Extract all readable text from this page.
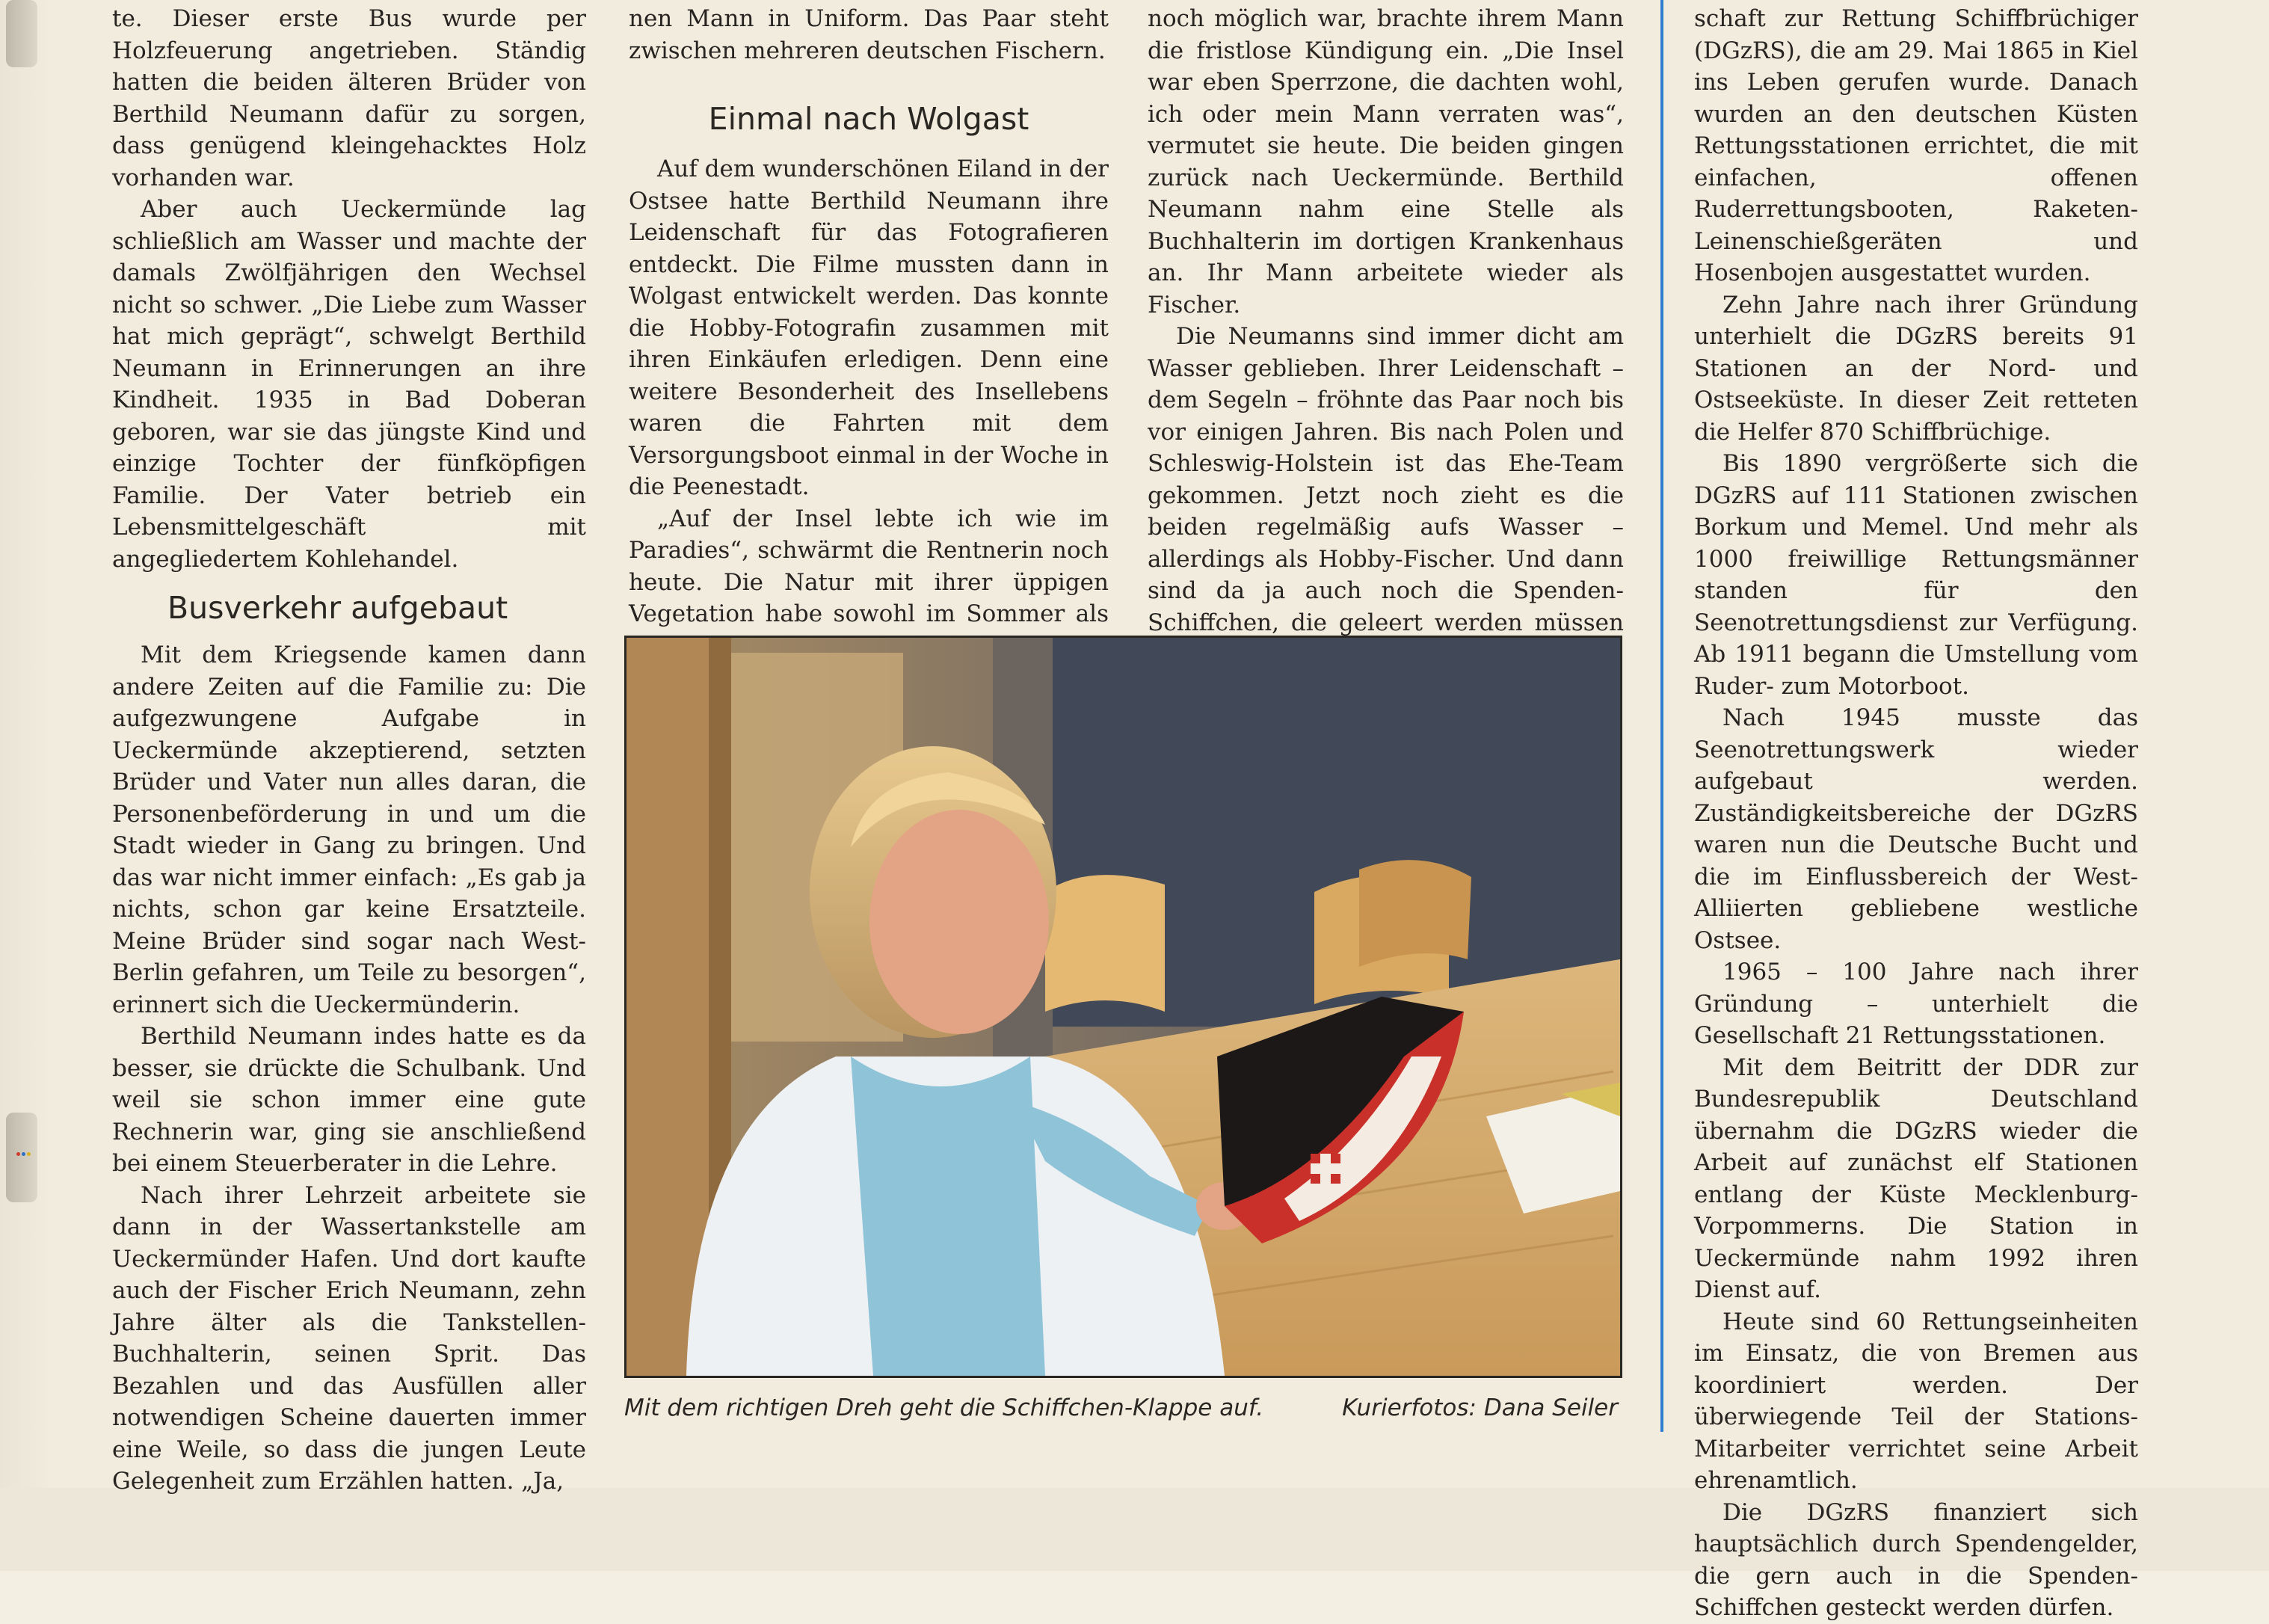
te. Dieser erste Bus wurde per Holzfeuerung angetrieben. Ständig hatten die beiden älteren Brüder von Berthild Neumann dafür zu sorgen, dass genügend kleingehacktes Holz vorhanden war.

Aber auch Ueckermünde lag schließlich am Wasser und machte der damals Zwölfjährigen den Wechsel nicht so schwer. „Die Liebe zum Wasser hat mich geprägt“, schwelgt Berthild Neumann in Erinnerungen an ihre Kindheit. 1935 in Bad Doberan geboren, war sie das jüngste Kind und einzige Tochter der fünfköpfigen Familie. Der Vater betrieb ein Lebensmittelgeschäft mit angegliedertem Kohlehandel.

Busverkehr aufgebaut

Mit dem Kriegsende kamen dann andere Zeiten auf die Familie zu: Die aufgezwungene Aufgabe in Ueckermünde akzeptierend, setzten Brüder und Vater nun alles daran, die Personenbeförderung in und um die Stadt wieder in Gang zu bringen. Und das war nicht immer einfach: „Es gab ja nichts, schon gar keine Ersatzteile. Meine Brüder sind sogar nach West-Berlin gefahren, um Teile zu besorgen“, erinnert sich die Ueckermünderin.

Berthild Neumann indes hatte es da besser, sie drückte die Schulbank. Und weil sie schon immer eine gute Rechnerin war, ging sie anschließend bei einem Steuerberater in die Lehre.

Nach ihrer Lehrzeit arbeitete sie dann in der Wassertankstelle am Ueckermünder Hafen. Und dort kaufte auch der Fischer Erich Neumann, zehn Jahre älter als die Tankstellen-Buchhalterin, seinen Sprit. Das Bezahlen und das Ausfüllen aller notwendigen Scheine dauerten immer eine Weile, so dass die jungen Leute Gelegenheit zum Erzählen hatten. „Ja,

nen Mann in Uniform. Das Paar steht zwischen mehreren deutschen Fischern.

Einmal nach Wolgast

Auf dem wunderschönen Eiland in der Ostsee hatte Berthild Neumann ihre Leidenschaft für das Fotografieren entdeckt. Die Filme mussten dann in Wolgast entwickelt werden. Das konnte die Hobby-Fotografin zusammen mit ihren Einkäufen erledigen. Denn eine weitere Besonderheit des Insellebens waren die Fahrten mit dem Versorgungsboot einmal in der Woche in die Peenestadt.

„Auf der Insel lebte ich wie im Paradies“, schwärmt die Rentnerin noch heute. Die Natur mit ihrer üppigen Vegetation habe sowohl im Sommer als

noch möglich war, brachte ihrem Mann die fristlose Kündigung ein. „Die Insel war eben Sperrzone, die dachten wohl, ich oder mein Mann verraten was“, vermutet sie heute. Die beiden gingen zurück nach Ueckermünde. Berthild Neumann nahm eine Stelle als Buchhalterin im dortigen Krankenhaus an. Ihr Mann arbeitete wieder als Fischer.

Die Neumanns sind immer dicht am Wasser geblieben. Ihrer Leidenschaft – dem Segeln – fröhnte das Paar noch bis vor einigen Jahren. Bis nach Polen und Schleswig-Holstein ist das Ehe-Team gekommen. Jetzt noch zieht es die beiden regelmäßig aufs Wasser – allerdings als Hobby-Fischer. Und dann sind da ja auch noch die Spenden-Schiffchen, die geleert werden müssen

schaft zur Rettung Schiffbrüchiger (DGzRS), die am 29. Mai 1865 in Kiel ins Leben gerufen wurde. Danach wurden an den deutschen Küsten Rettungsstationen errichtet, die mit einfachen, offenen Ruderrettungsbooten, Raketen-Leinenschießgeräten und Hosenbojen ausgestattet wurden.

Zehn Jahre nach ihrer Gründung unterhielt die DGzRS bereits 91 Stationen an der Nord- und Ostseeküste. In dieser Zeit retteten die Helfer 870 Schiffbrüchige.

Bis 1890 vergrößerte sich die DGzRS auf 111 Stationen zwischen Borkum und Memel. Und mehr als 1000 freiwillige Rettungsmänner standen für den Seenotrettungsdienst zur Verfügung. Ab 1911 begann die Umstellung vom Ruder- zum Motorboot.

Nach 1945 musste das Seenotrettungswerk wieder aufgebaut werden. Zuständigkeitsbereiche der DGzRS waren nun die Deutsche Bucht und die im Einflussbereich der West-Alliierten gebliebene westliche Ostsee.

1965 – 100 Jahre nach ihrer Gründung – unterhielt die Gesellschaft 21 Rettungsstationen.

Mit dem Beitritt der DDR zur Bundesrepublik Deutschland übernahm die DGzRS wieder die Arbeit auf zunächst elf Stationen entlang der Küste Mecklenburg-Vorpommerns. Die Station in Ueckermünde nahm 1992 ihren Dienst auf.

Heute sind 60 Rettungseinheiten im Einsatz, die von Bremen aus koordiniert werden. Der überwiegende Teil der Stations-Mitarbeiter verrichtet seine Arbeit ehrenamtlich.

Die DGzRS finanziert sich hauptsächlich durch Spendengelder, die gern auch in die Spenden-Schiffchen gesteckt werden dürfen.

Mit dem richtigen Dreh geht die Schiffchen-Klappe auf.	Kurierfotos: Dana Seiler
